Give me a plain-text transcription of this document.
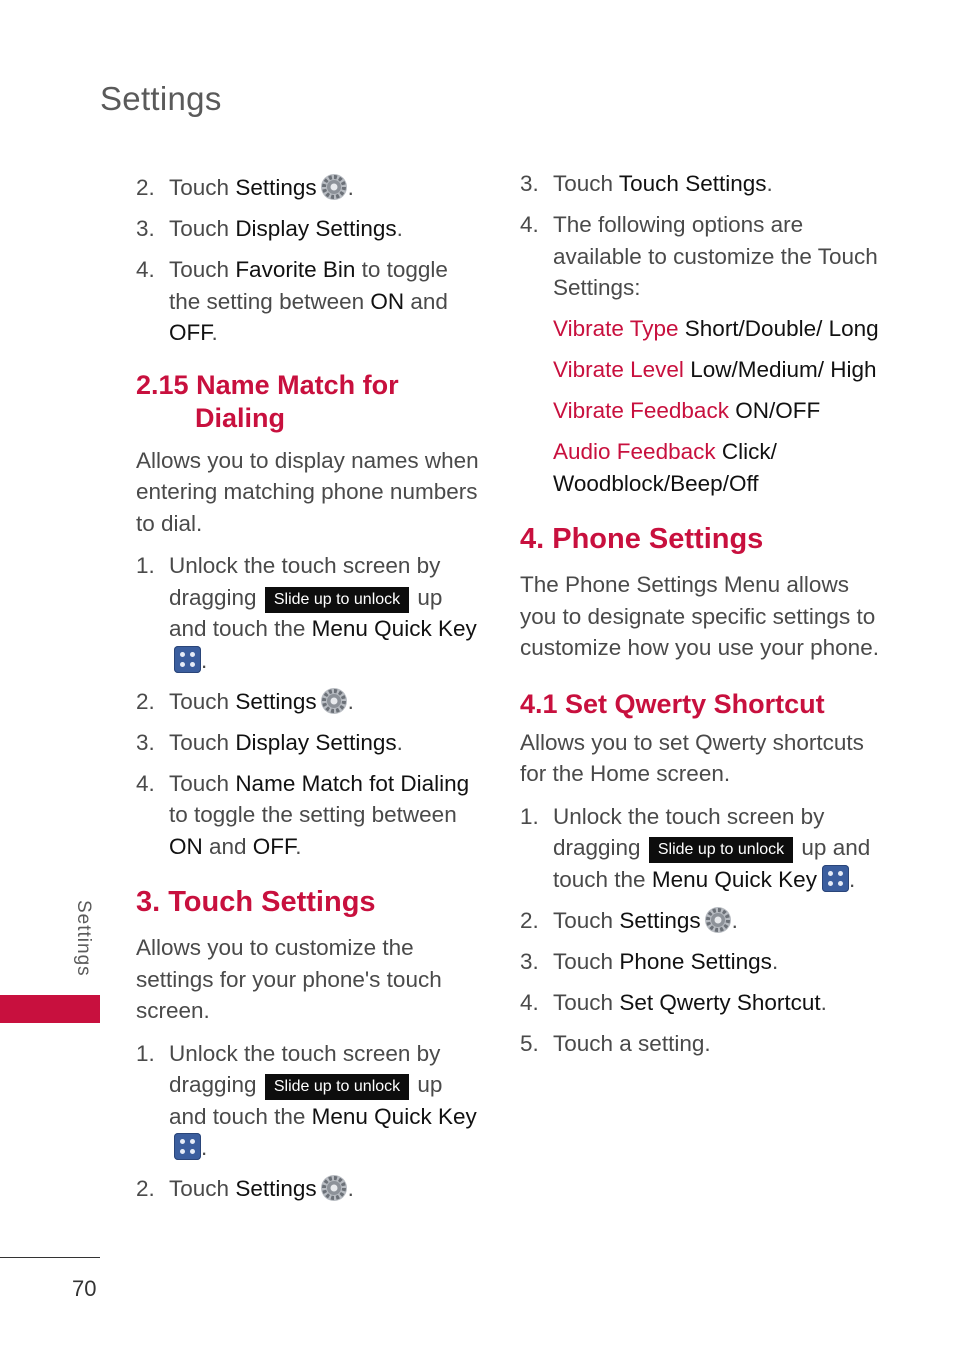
Settings
2. Touch Settings .
3. Touch Display Settings.
4. Touch Favorite Bin to toggle the setting between ON and OFF.
2.15 Name Match for Dialing
Allows you to display names when entering matching phone numbers to dial.
1. Unlock the touch screen by dragging Slide up to unlock up and touch the Menu Quick Key
.
2. Touch Settings .
3. Touch Display Settings.
4. Touch Name Match fot Dialing to toggle the setting between ON and OFF.
3. Touch Settings
Allows you to customize the settings for your phone's touch screen.
1. Unlock the touch screen by dragging Slide up to unlock up and touch the Menu Quick Key
.
2. Touch Settings .
3. Touch Touch Settings.
4. The following options are available to customize the Touch Settings:
Vibrate Type Short/Double/ Long
Vibrate Level Low/Medium/ High
Vibrate Feedback ON/OFF
Audio Feedback Click/ Woodblock/Beep/Off
4. Phone Settings
The Phone Settings Menu allows you to designate specific settings to customize how you use your phone.
4.1 Set Qwerty Shortcut
Allows you to set Qwerty shortcuts for the Home screen.
1. Unlock the touch screen by dragging Slide up to unlock up and touch the Menu Quick Key .
2. Touch Settings .
3. Touch Phone Settings.
4. Touch Set Qwerty Shortcut.
5. Touch a setting.
Settings
70
